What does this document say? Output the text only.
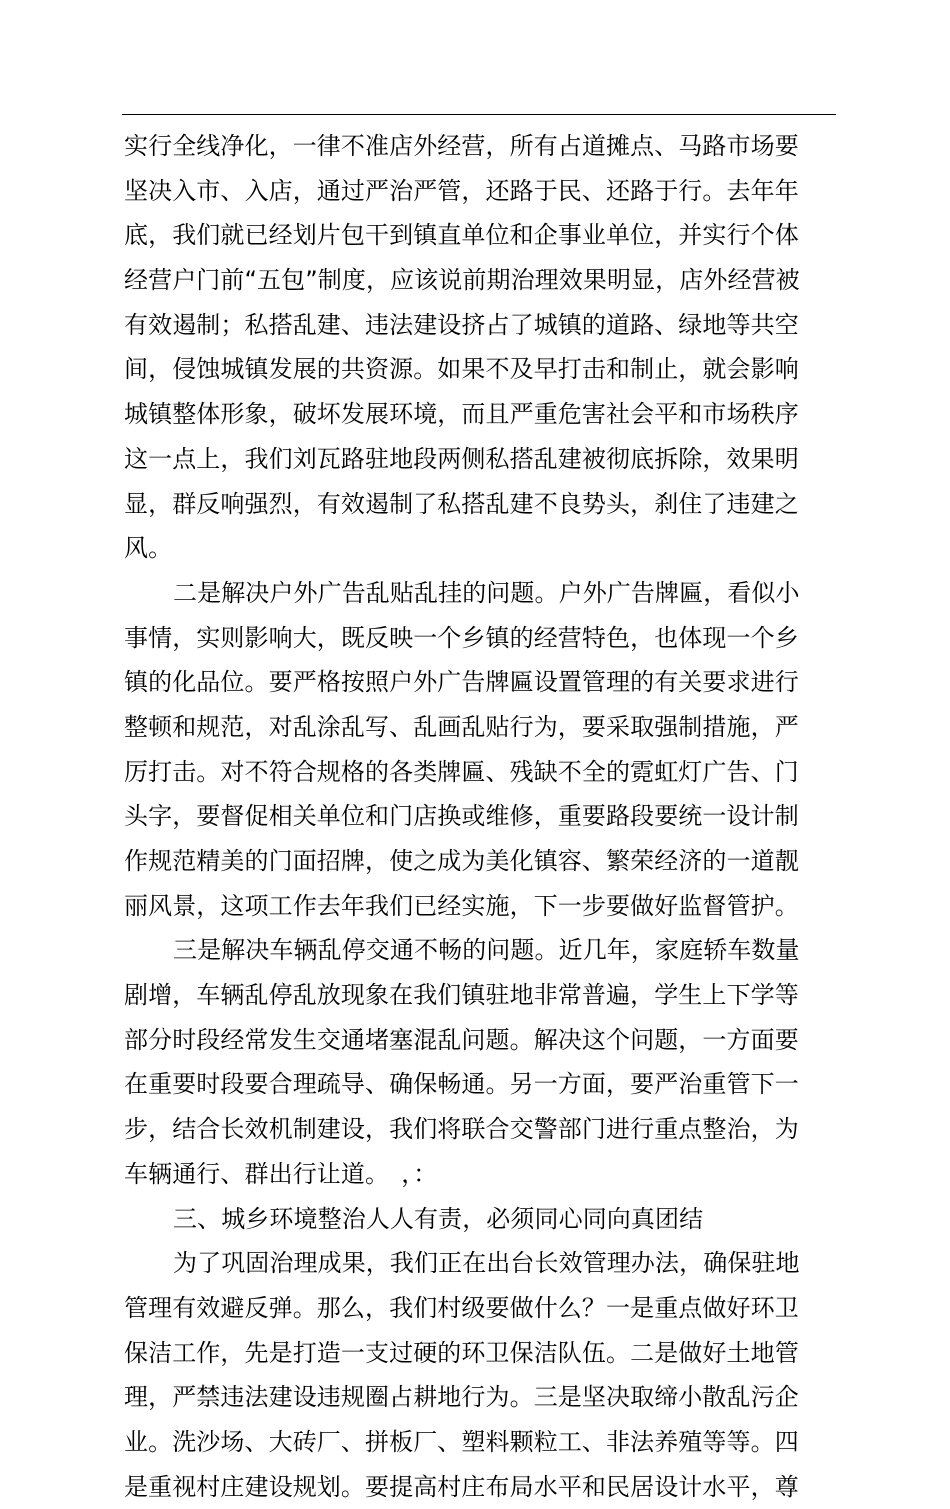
实行全线净化，一律不准店外经营，所有占道摊点、马路市场要
坚决入市、入店，通过严治严管，还路于民、还路于行。去年年
底，我们就已经划片包干到镇直单位和企事业单位，并实行个体
经营户门前“五包”制度，应该说前期治理效果明显，店外经营被
有效遏制；私搭乱建、违法建设挤占了城镇的道路、绿地等共空
间，侵蚀城镇发展的共资源。如果不及早打击和制止，就会影响
城镇整体形象，破坏发展环境，而且严重危害社会平和市场秩序
这一点上，我们刘瓦路驻地段两侧私搭乱建被彻底拆除，效果明
显，群反响强烈，有效遏制了私搭乱建不良势头，刹住了违建之
风。
二是解决户外广告乱贴乱挂的问题。户外广告牌匾，看似小
事情，实则影响大，既反映一个乡镇的经营特色，也体现一个乡
镇的化品位。要严格按照户外广告牌匾设置管理的有关要求进行
整顿和规范，对乱涂乱写、乱画乱贴行为，要采取强制措施，严
厉打击。对不符合规格的各类牌匾、残缺不全的霓虹灯广告、门
头字，要督促相关单位和门店换或维修，重要路段要统一设计制
作规范精美的门面招牌，使之成为美化镇容、繁荣经济的一道靓
丽风景，这项工作去年我们已经实施，下一步要做好监督管护。
三是解决车辆乱停交通不畅的问题。近几年，家庭轿车数量
剧增，车辆乱停乱放现象在我们镇驻地非常普遍，学生上下学等
部分时段经常发生交通堵塞混乱问题。解决这个问题，一方面要
在重要时段要合理疏导、确保畅通。另一方面，要严治重管下一
步，结合长效机制建设，我们将联合交警部门进行重点整治，为
车辆通行、群出行让道。　，：
三、城乡环境整治人人有责，必须同心同向真团结
为了巩固治理成果，我们正在出台长效管理办法，确保驻地
管理有效避反弹。那么，我们村级要做什么？一是重点做好环卫
保洁工作，先是打造一支过硬的环卫保洁队伍。二是做好土地管
理，严禁违法建设违规圈占耕地行为。三是坚决取缔小散乱污企
业。洗沙场、大砖厂、拼板厂、塑料颗粒工、非法养殖等等。四
是重视村庄建设规划。要提高村庄布局水平和民居设计水平，尊
